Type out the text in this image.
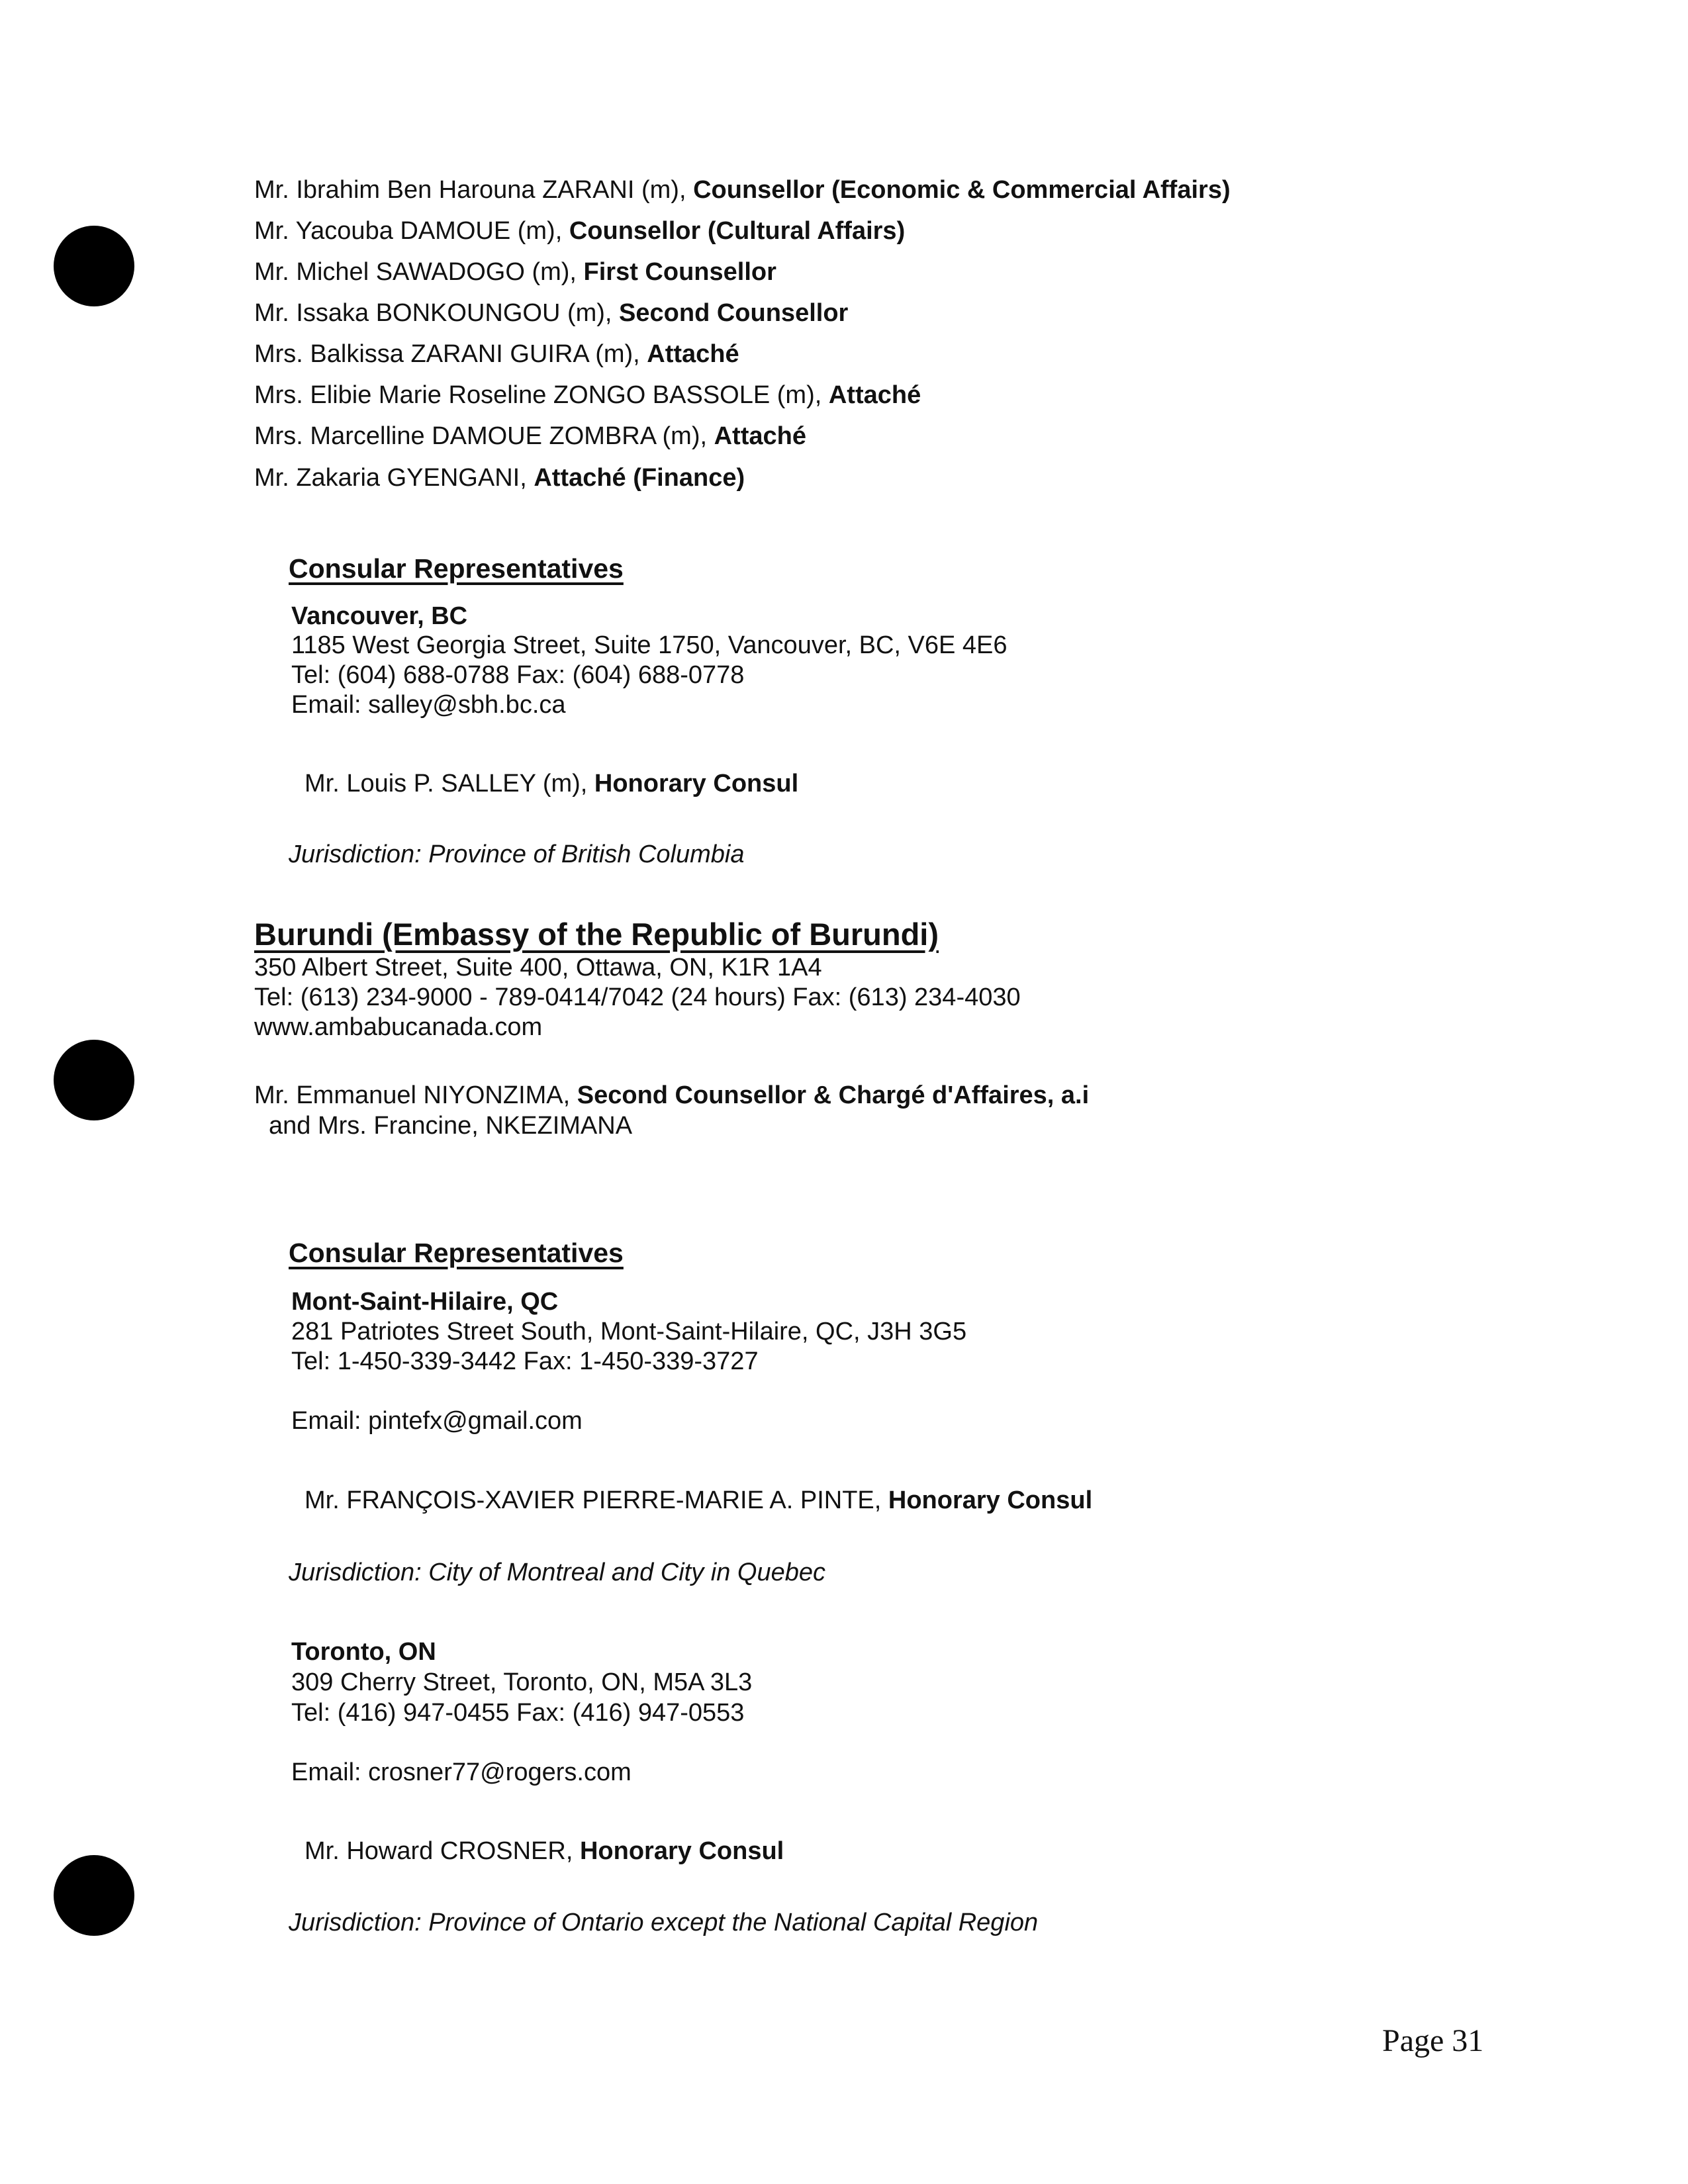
Mr. Ibrahim Ben Harouna ZARANI (m), Counsellor (Economic & Commercial Affairs)
Mr. Yacouba DAMOUE (m), Counsellor (Cultural Affairs)
Mr. Michel SAWADOGO (m), First Counsellor
Mr. Issaka BONKOUNGOU (m), Second Counsellor
Mrs. Balkissa ZARANI GUIRA (m), Attaché
Mrs. Elibie Marie Roseline ZONGO BASSOLE (m), Attaché
Mrs. Marcelline DAMOUE ZOMBRA (m), Attaché
Mr. Zakaria GYENGANI, Attaché (Finance)
Consular Representatives
Vancouver, BC
1185 West Georgia Street, Suite 1750, Vancouver, BC, V6E 4E6
Tel: (604) 688-0788 Fax: (604) 688-0778
Email: salley@sbh.bc.ca
Mr. Louis P. SALLEY (m), Honorary Consul
Jurisdiction: Province of British Columbia
Burundi (Embassy of the Republic of Burundi)
350 Albert Street, Suite 400, Ottawa, ON, K1R 1A4
Tel: (613) 234-9000 - 789-0414/7042 (24 hours) Fax: (613) 234-4030
www.ambabucanada.com
Mr. Emmanuel NIYONZIMA, Second Counsellor & Chargé d'Affaires, a.i
and Mrs. Francine, NKEZIMANA
Consular Representatives
Mont-Saint-Hilaire, QC
281 Patriotes Street South, Mont-Saint-Hilaire, QC, J3H 3G5
Tel: 1-450-339-3442 Fax: 1-450-339-3727
Email: pintefx@gmail.com
Mr. FRANÇOIS-XAVIER PIERRE-MARIE A. PINTE, Honorary Consul
Jurisdiction: City of Montreal and City in Quebec
Toronto, ON
309 Cherry Street, Toronto, ON, M5A 3L3
Tel: (416) 947-0455 Fax: (416) 947-0553
Email: crosner77@rogers.com
Mr. Howard CROSNER, Honorary Consul
Jurisdiction: Province of Ontario except the National Capital Region
Page 31
